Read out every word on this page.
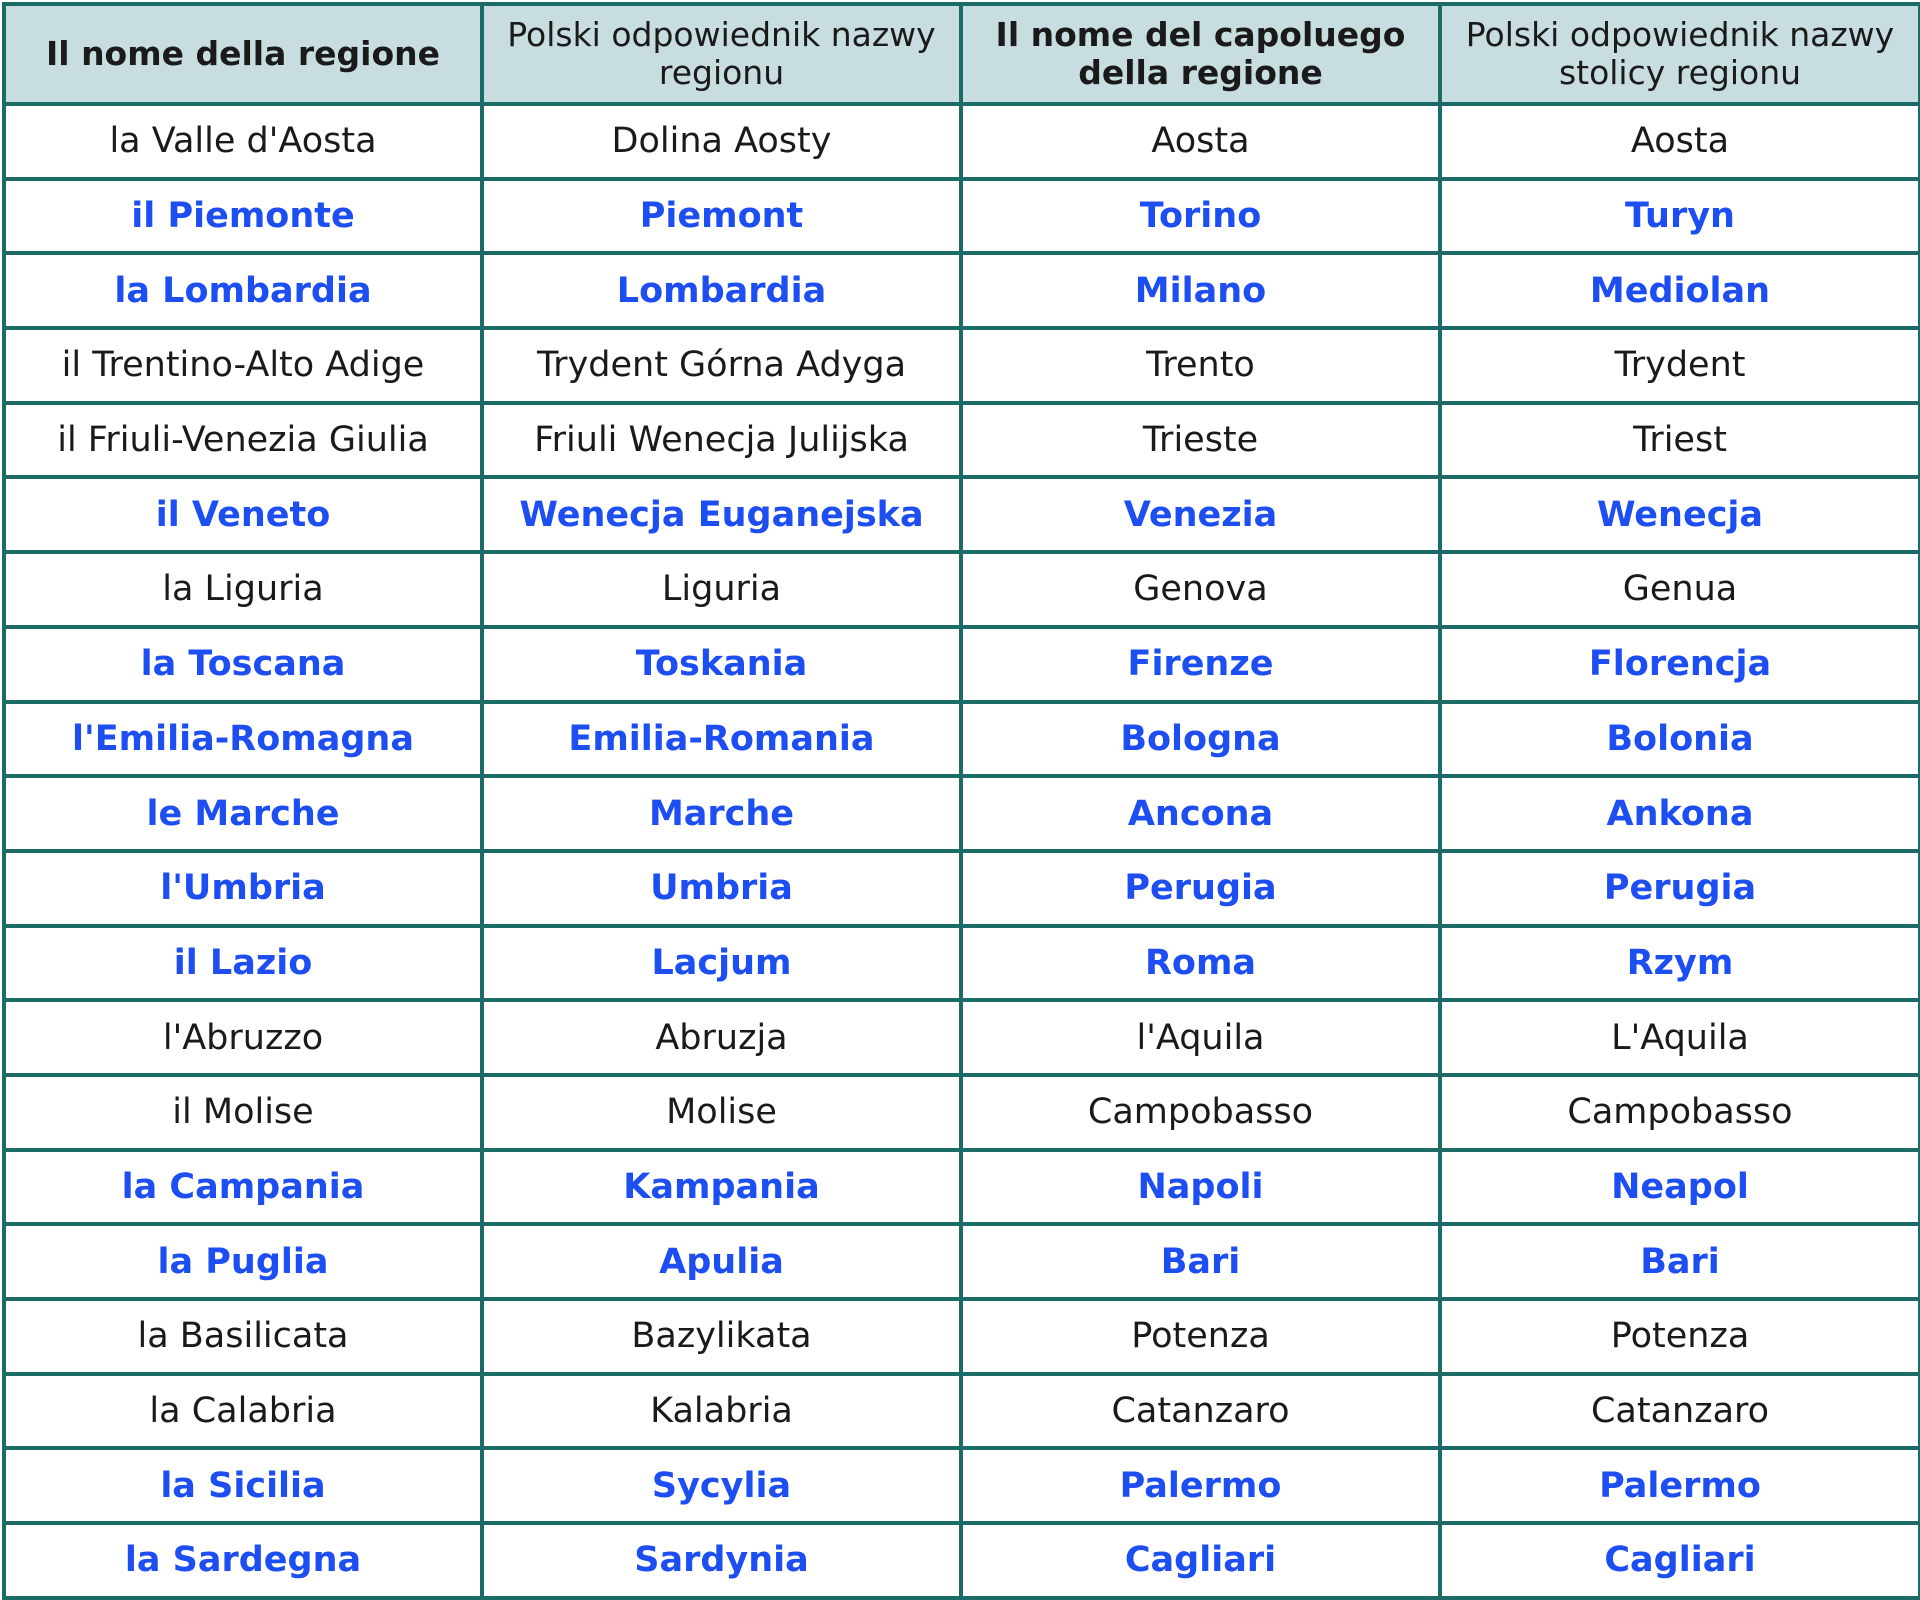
Il nome della regione	Polski odpowiednik nazwy regionu	Il nome del capoluego della regione	Polski odpowiednik nazwy stolicy regionu
la Valle d'Aosta	Dolina Aosty	Aosta	Aosta
il Piemonte	Piemont	Torino	Turyn
la Lombardia	Lombardia	Milano	Mediolan
il Trentino-Alto Adige	Trydent Górna Adyga	Trento	Trydent
il Friuli-Venezia Giulia	Friuli Wenecja Julijska	Trieste	Triest
il Veneto	Wenecja Euganejska	Venezia	Wenecja
la Liguria	Liguria	Genova	Genua
la Toscana	Toskania	Firenze	Florencja
l'Emilia-Romagna	Emilia-Romania	Bologna	Bolonia
le Marche	Marche	Ancona	Ankona
l'Umbria	Umbria	Perugia	Perugia
il Lazio	Lacjum	Roma	Rzym
l'Abruzzo	Abruzja	l'Aquila	L'Aquila
il Molise	Molise	Campobasso	Campobasso
la Campania	Kampania	Napoli	Neapol
la Puglia	Apulia	Bari	Bari
la Basilicata	Bazylikata	Potenza	Potenza
la Calabria	Kalabria	Catanzaro	Catanzaro
la Sicilia	Sycylia	Palermo	Palermo
la Sardegna	Sardynia	Cagliari	Cagliari
